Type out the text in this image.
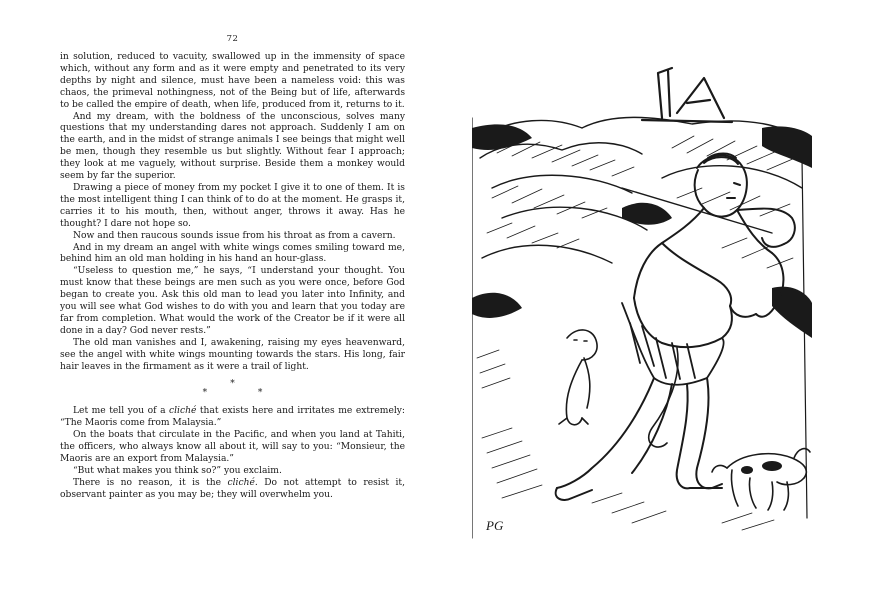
72

in solution, reduced to vacuity, swallowed up in the immensity of space which, without any form and as it were empty and penetrated to its very depths by night and silence, must have been a nameless void: this was chaos, the primeval nothingness, not of the Being but of life, afterwards to be called the empire of death, when life, produced from it, returns to it.

And my dream, with the boldness of the unconscious, solves many questions that my understanding dares not approach. Suddenly I am on the earth, and in the midst of strange animals I see beings that might well be men, though they resemble us but slightly. Without fear I approach; they look at me vaguely, without surprise. Beside them a monkey would seem by far the superior.

Drawing a piece of money from my pocket I give it to one of them. It is the most intelligent thing I can think of to do at the moment. He grasps it, carries it to his mouth, then, without anger, throws it away. Has he thought? I dare not hope so.

Now and then raucous sounds issue from his throat as from a cavern.

And in my dream an angel with white wings comes smiling toward me, behind him an old man holding in his hand an hour-glass.

“Useless to question me,” he says, “I understand your thought. You must know that these beings are men such as you were once, before God began to create you. Ask this old man to lead you later into Infinity, and you will see what God wishes to do with you and learn that you today are far from completion. What would the work of the Creator be if it were all done in a day? God never rests.”

The old man vanishes and I, awakening, raising my eyes heavenward, see the angel with white wings mounting towards the stars. His long, fair hair leaves in the firmament as it were a trail of light.

*
* *

Let me tell you of a cliché that exists here and irritates me extremely: “The Maoris come from Malaysia.”

On the boats that circulate in the Pacific, and when you land at Tahiti, the officers, who always know all about it, will say to you: “Monsieur, the Maoris are an export from Malaysia.”

“But what makes you think so?” you exclaim.

There is no reason, it is the cliché. Do not attempt to resist it, observant painter as you may be; they will overwhelm you.

PG
